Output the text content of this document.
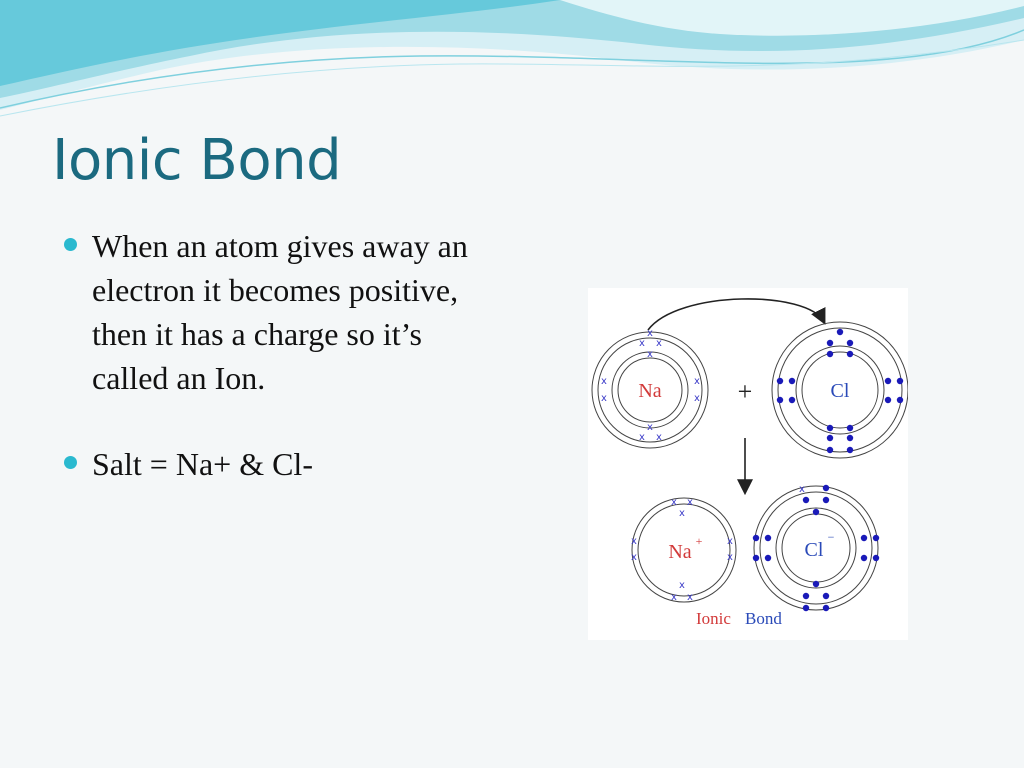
Ionic Bond
When an atom gives away an electron it becomes positive, then it has a charge so it’s called an Ion.
Salt = Na+ & Cl-
x
x x
x
x
x
x
x
x
x x
Na	+	Cl
x x
x
x
x
x
x
x
x x
Na +
x
Cl
−
Ionic Bond
